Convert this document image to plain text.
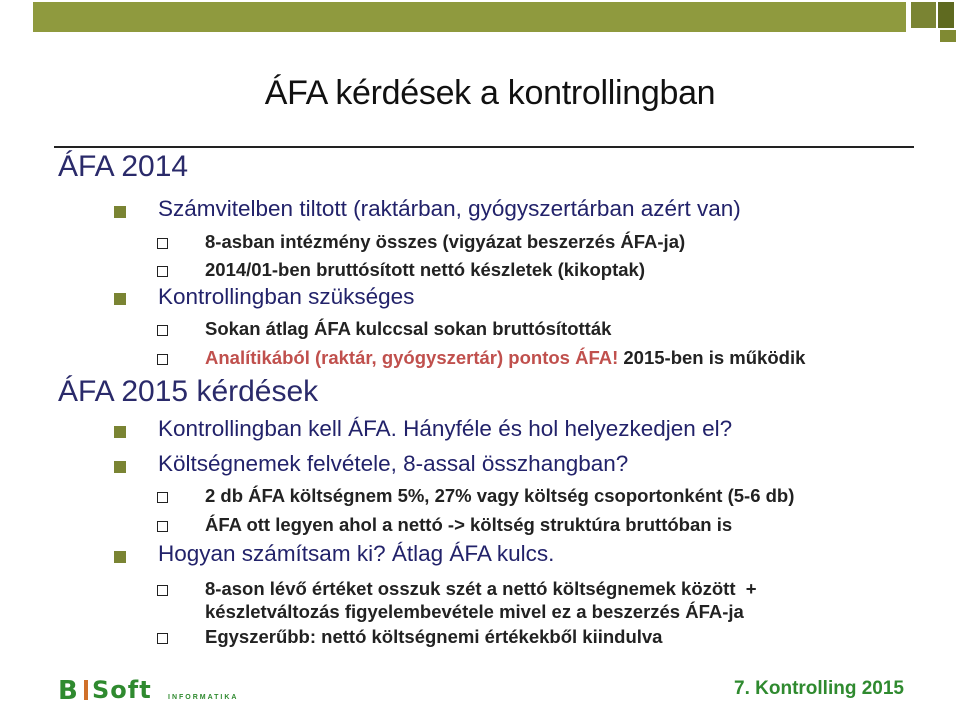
ÁFA kérdések a kontrollingban
ÁFA 2014
Számvitelben tiltott (raktárban, gyógyszertárban azért van)
8-asban intézmény összes (vigyázat beszerzés ÁFA-ja)
2014/01-ben bruttósított nettó készletek (kikoptak)
Kontrollingban szükséges
Sokan átlag ÁFA kulccsal sokan bruttósították
Analítikából (raktár, gyógyszertár) pontos ÁFA! 2015-ben is működik
ÁFA 2015 kérdések
Kontrollingban kell ÁFA. Hányféle és hol helyezkedjen el?
Költségnemek felvétele, 8-assal összhangban?
2 db ÁFA költségnem 5%, 27% vagy költség csoportonként (5-6 db)
ÁFA ott legyen ahol a nettó -> költség struktúra bruttóban is
Hogyan számítsam ki? Átlag ÁFA kulcs.
8-ason lévő értéket osszuk szét a nettó költségnemek között  +
készletváltozás figyelembevétele mivel ez a beszerzés ÁFA-ja
Egyszerűbb: nettó költségnemi értékekből kiindulva
B Soft INFORMATIKA	7. Kontrolling 2015
